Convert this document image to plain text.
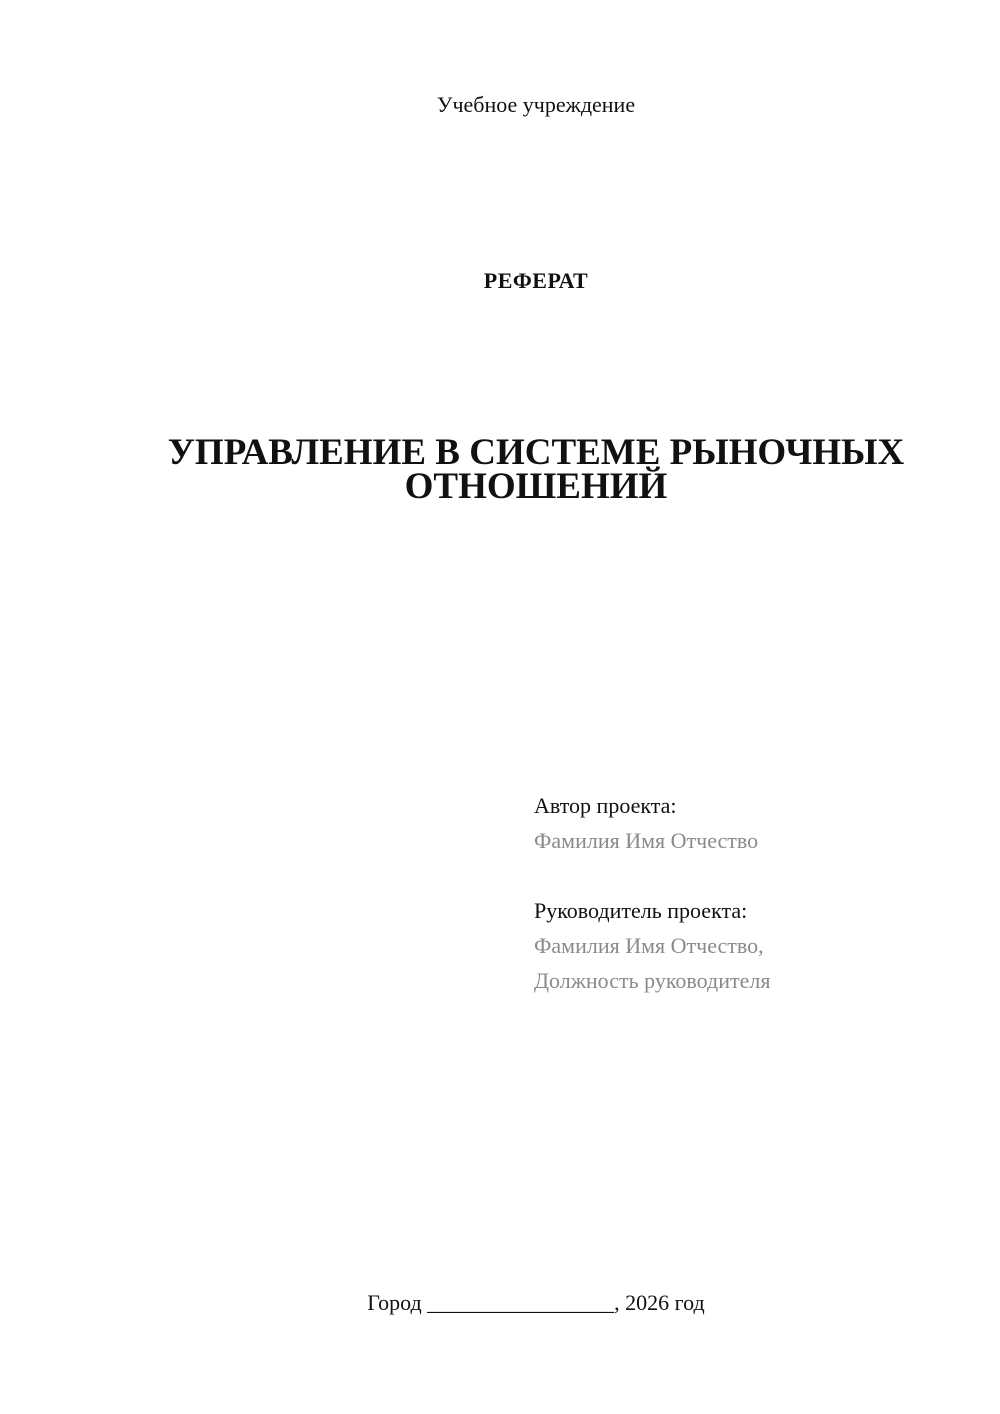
Учебное учреждение
РЕФЕРАТ
УПРАВЛЕНИЕ В СИСТЕМЕ РЫНОЧНЫХ
ОТНОШЕНИЙ
Автор проекта:
Фамилия Имя Отчество
Руководитель проекта:
Фамилия Имя Отчество,
Должность руководителя
Город _________________, 2026 год
